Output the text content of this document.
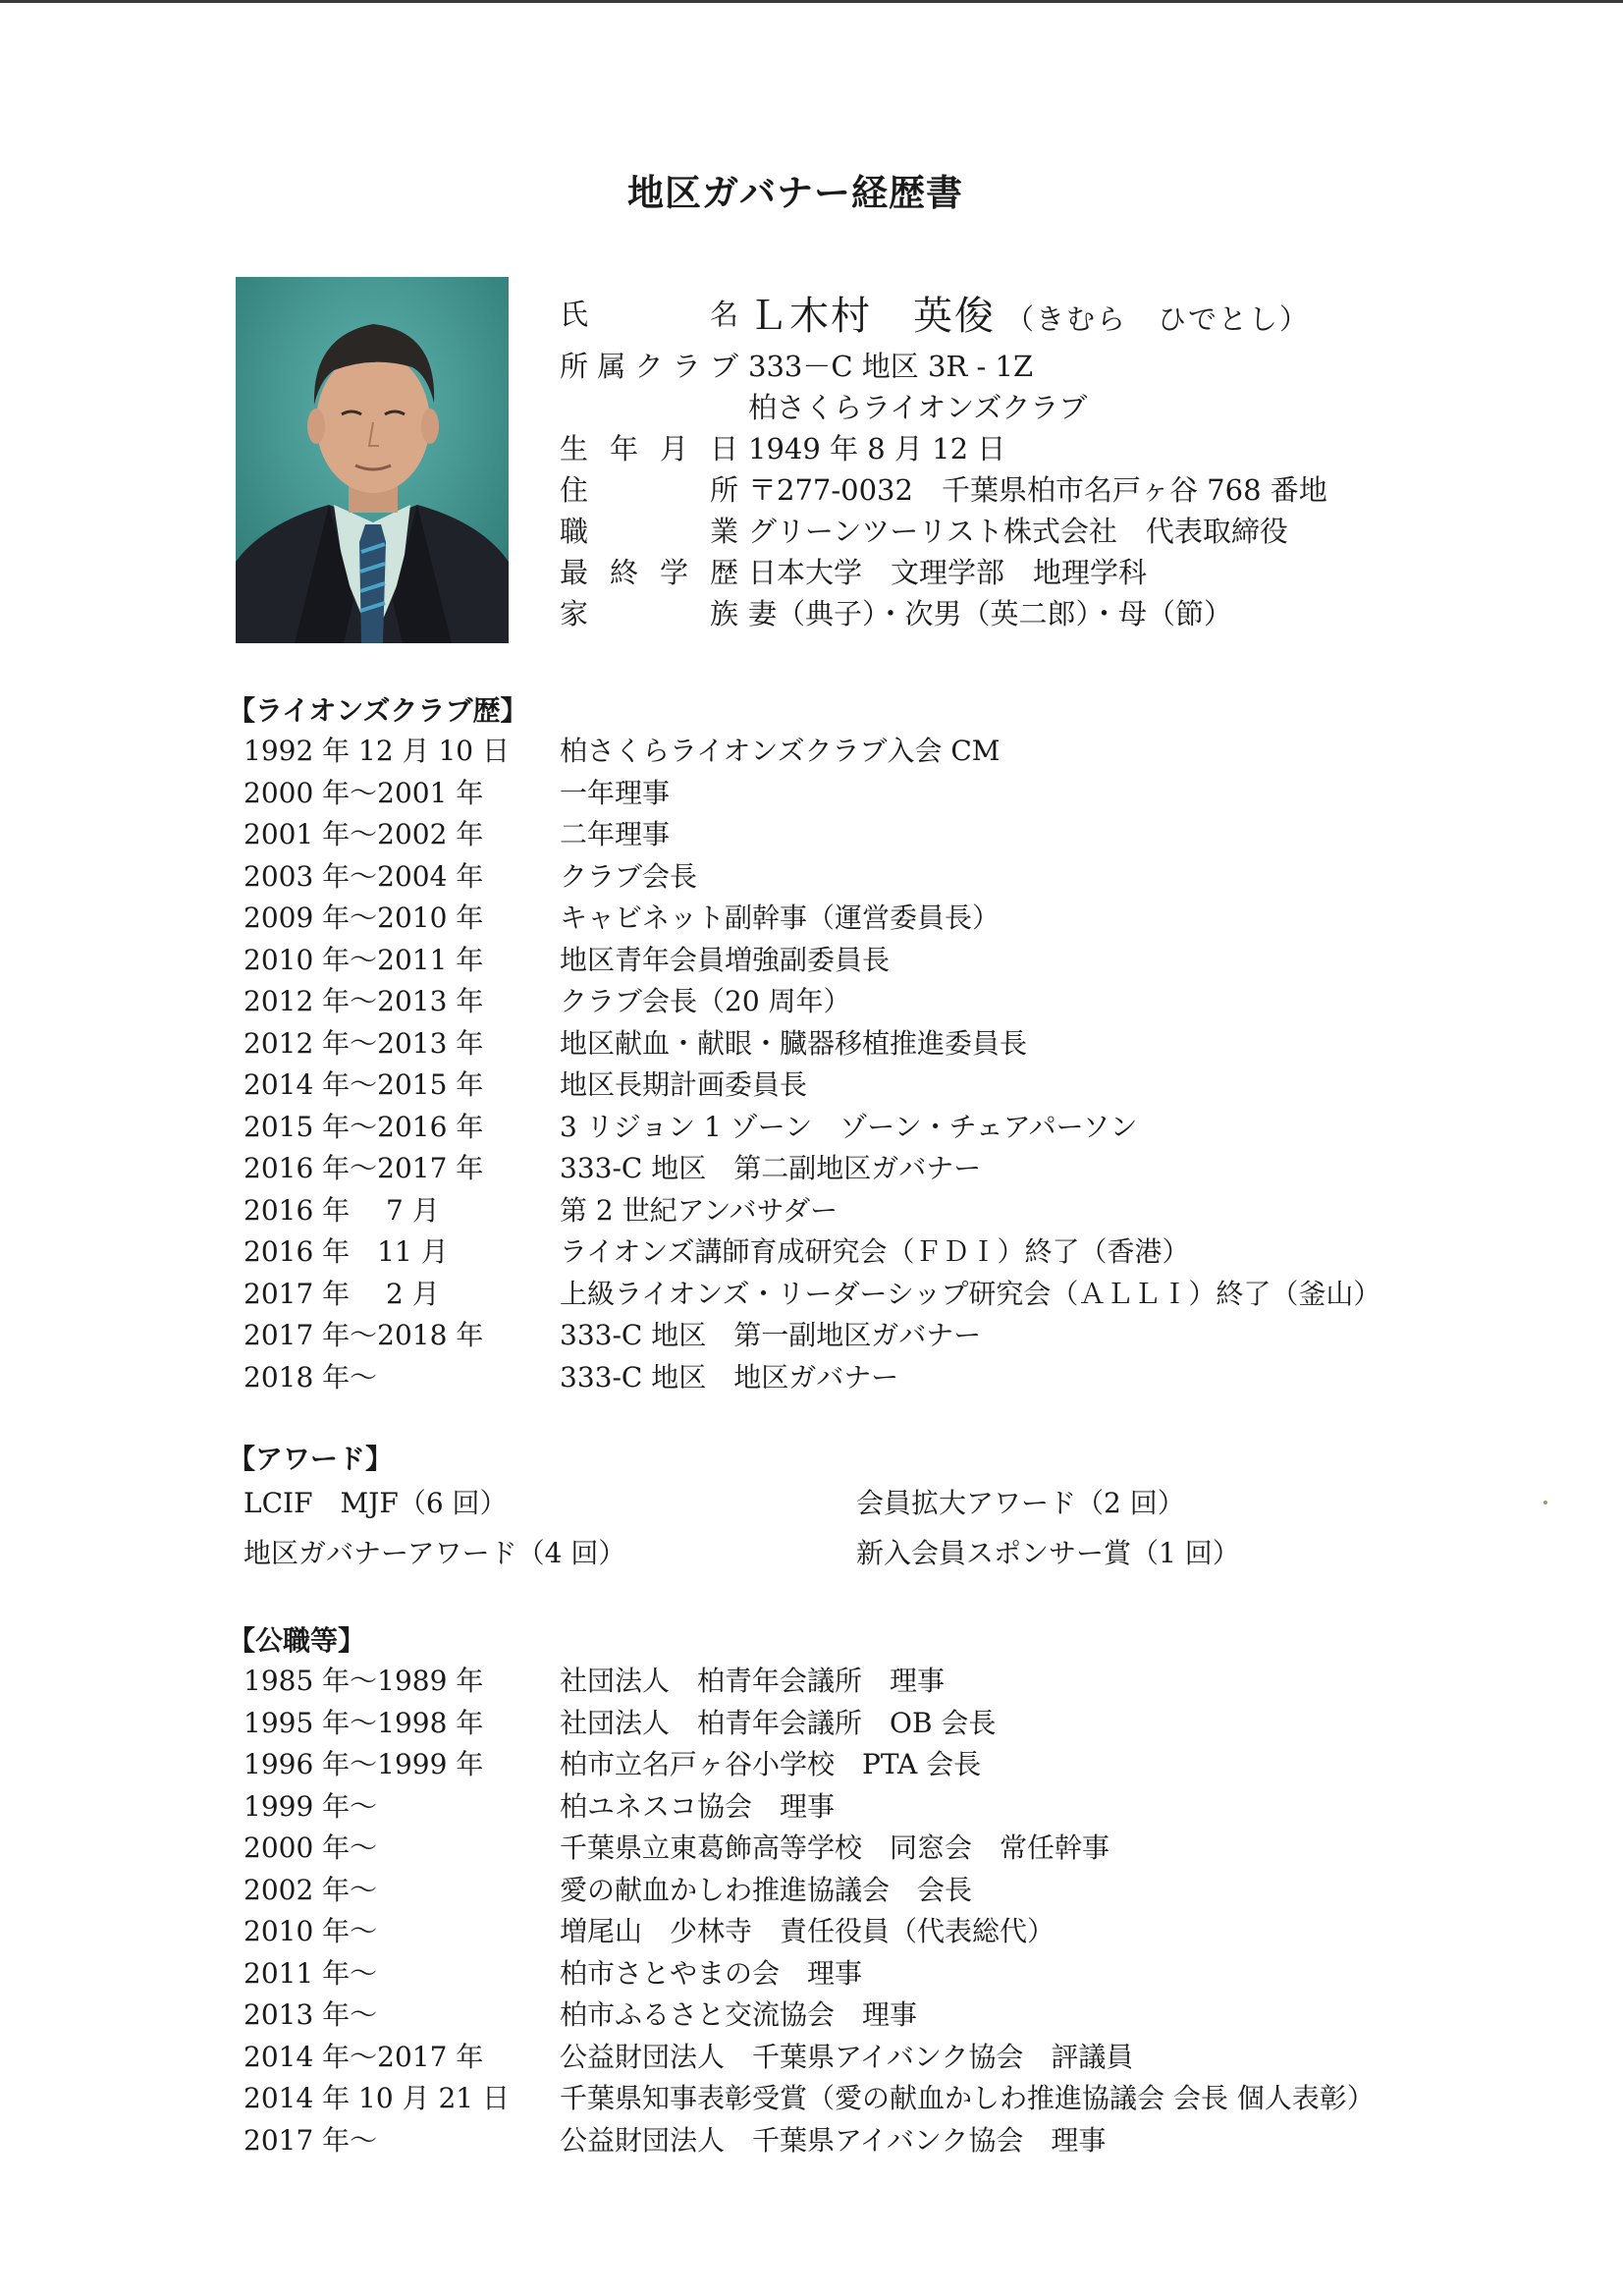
地区ガバナー経歴書
氏 名 Ｌ木村　英俊 （きむら　ひでとし）
所属クラブ 333－C 地区 3R - 1Z
柏さくらライオンズクラブ
生年月日 1949 年 8 月 12 日
住 所 〒277-0032　千葉県柏市名戸ヶ谷 768 番地
職 業 グリーンツーリスト株式会社　代表取締役
最終学歴 日本大学　文理学部　地理学科
家 族 妻（典子）・次男（英二郎）・母（節）
【ライオンズクラブ歴】
1992 年 12 月 10 日	柏さくらライオンズクラブ入会 CM
2000 年～2001 年	一年理事
2001 年～2002 年	二年理事
2003 年～2004 年	クラブ会長
2009 年～2010 年	キャビネット副幹事（運営委員長）
2010 年～2011 年	地区青年会員増強副委員長
2012 年～2013 年	クラブ会長（20 周年）
2012 年～2013 年	地区献血・献眼・臓器移植推進委員長
2014 年～2015 年	地区長期計画委員長
2015 年～2016 年	3 リジョン 1 ゾーン　ゾーン・チェアパーソン
2016 年～2017 年	333-C 地区　第二副地区ガバナー
2016 年　 7 月	第 2 世紀アンバサダー
2016 年　11 月	ライオンズ講師育成研究会（ＦＤＩ）終了（香港）
2017 年　 2 月	上級ライオンズ・リーダーシップ研究会（ＡＬＬＩ）終了（釜山）
2017 年～2018 年	333-C 地区　第一副地区ガバナー
2018 年～	333-C 地区　地区ガバナー
【アワード】
LCIF　MJF（6 回）	会員拡大アワード（2 回）
地区ガバナーアワード（4 回）	新入会員スポンサー賞（1 回）
【公職等】
1985 年～1989 年	社団法人　柏青年会議所　理事
1995 年～1998 年	社団法人　柏青年会議所　OB 会長
1996 年～1999 年	柏市立名戸ヶ谷小学校　PTA 会長
1999 年～	柏ユネスコ協会　理事
2000 年～	千葉県立東葛飾高等学校　同窓会　常任幹事
2002 年～	愛の献血かしわ推進協議会　会長
2010 年～	増尾山　少林寺　責任役員（代表総代）
2011 年～	柏市さとやまの会　理事
2013 年～	柏市ふるさと交流協会　理事
2014 年～2017 年	公益財団法人　千葉県アイバンク協会　評議員
2014 年 10 月 21 日	千葉県知事表彰受賞（愛の献血かしわ推進協議会 会長 個人表彰）
2017 年～	公益財団法人　千葉県アイバンク協会　理事
